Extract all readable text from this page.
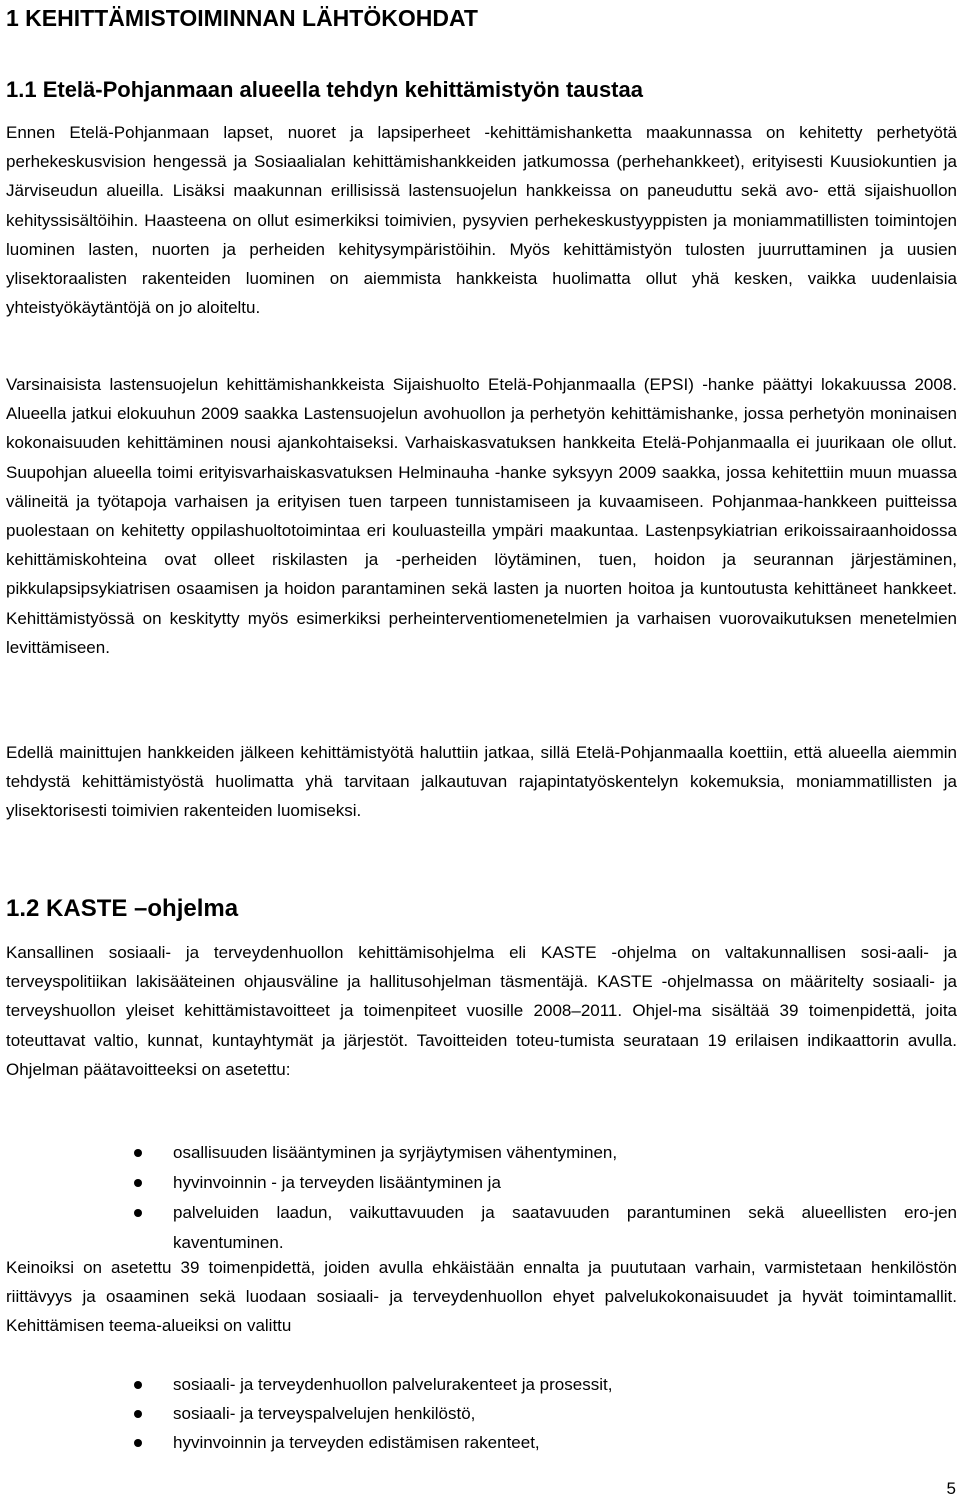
1 KEHITTÄMISTOIMINNAN LÄHTÖKOHDAT
1.1 Etelä-Pohjanmaan alueella tehdyn kehittämistyön taustaa

Ennen Etelä-Pohjanmaan lapset, nuoret ja lapsiperheet -kehittämishanketta maakunnassa on kehitetty perhetyötä perhekeskusvision hengessä ja Sosiaalialan kehittämishankkeiden jatkumossa (perhehankkeet), erityisesti Kuusiokuntien ja Järviseudun alueilla. Lisäksi maakunnan erillisissä lastensuojelun hankkeissa on paneuduttu sekä avo- että sijaishuollon kehityssisältöihin. Haasteena on ollut esimerkiksi toimivien, pysyvien perhekeskustyyppisten ja moniammatillisten toimintojen luominen lasten, nuorten ja perheiden kehitysympäristöihin. Myös kehittämistyön tulosten juurruttaminen ja uusien ylisektoraalisten rakenteiden luominen on aiemmista hankkeista huolimatta ollut yhä kesken, vaikka uudenlaisia yhteistyökäytäntöjä on jo aloiteltu.

Varsinaisista lastensuojelun kehittämishankkeista Sijaishuolto Etelä-Pohjanmaalla (EPSI) -hanke päättyi lokakuussa 2008. Alueella jatkui elokuuhun 2009 saakka Lastensuojelun avohuollon ja perhetyön kehittämishanke, jossa perhetyön moninaisen kokonaisuuden kehittäminen nousi ajankohtaiseksi. Varhaiskasvatuksen hankkeita Etelä-Pohjanmaalla ei juurikaan ole ollut. Suupohjan alueella toimi erityisvarhaiskasvatuksen Helminauha -hanke syksyyn 2009 saakka, jossa kehitettiin muun muassa välineitä ja työtapoja varhaisen ja erityisen tuen tarpeen tunnistamiseen ja kuvaamiseen. Pohjanmaa-hankkeen puitteissa puolestaan on kehitetty oppilashuoltotoimintaa eri kouluasteilla ympäri maakuntaa. Lastenpsykiatrian erikoissairaanhoidossa kehittämiskohteina ovat olleet riskilasten ja -perheiden löytäminen, tuen, hoidon ja seurannan järjestäminen, pikkulapsipsykiatrisen osaamisen ja hoidon parantaminen sekä lasten ja nuorten hoitoa ja kuntoutusta kehittäneet hankkeet. Kehittämistyössä on keskitytty myös esimerkiksi perheinterventiomenetelmien ja varhaisen vuorovaikutuksen menetelmien levittämiseen.

Edellä mainittujen hankkeiden jälkeen kehittämistyötä haluttiin jatkaa, sillä Etelä-Pohjanmaalla koettiin, että alueella aiemmin tehdystä kehittämistyöstä huolimatta yhä tarvitaan jalkautuvan rajapintatyöskentelyn kokemuksia, moniammatillisten ja ylisektorisesti toimivien rakenteiden luomiseksi.

1.2 KASTE –ohjelma

Kansallinen sosiaali- ja terveydenhuollon kehittämisohjelma eli KASTE -ohjelma on valtakunnallisen sosi-aali- ja terveyspolitiikan lakisääteinen ohjausväline ja hallitusohjelman täsmentäjä. KASTE -ohjelmassa on määritelty sosiaali- ja terveyshuollon yleiset kehittämistavoitteet ja toimenpiteet vuosille 2008–2011. Ohjel-ma sisältää 39 toimenpidettä, joita toteuttavat valtio, kunnat, kuntayhtymät ja järjestöt. Tavoitteiden toteu-tumista seurataan 19 erilaisen indikaattorin avulla. Ohjelman päätavoitteeksi on asetettu:

osallisuuden lisääntyminen ja syrjäytymisen vähentyminen,
hyvinvoinnin - ja terveyden lisääntyminen ja
palveluiden laadun, vaikuttavuuden ja saatavuuden parantuminen sekä alueellisten ero-jen kaventuminen.

Keinoiksi on asetettu 39 toimenpidettä, joiden avulla ehkäistään ennalta ja puututaan varhain, varmistetaan henkilöstön riittävyys ja osaaminen sekä luodaan sosiaali- ja terveydenhuollon ehyet palvelukokonaisuudet ja hyvät toimintamallit. Kehittämisen teema-alueiksi on valittu

sosiaali- ja terveydenhuollon palvelurakenteet ja prosessit,
sosiaali- ja terveyspalvelujen henkilöstö,
hyvinvoinnin ja terveyden edistämisen rakenteet,
5
